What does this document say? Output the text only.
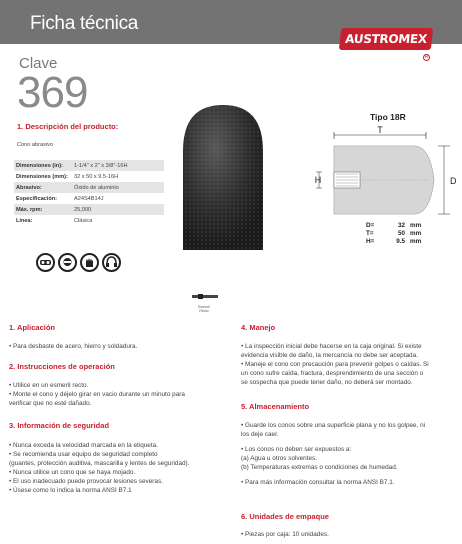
Ficha técnica
AUSTROMEX
R
Clave
369
1. Descripción del producto:
Cono abrasivo
Dimensiones (in):	1-1/4" x 2" x 3/8"-16H
Dimensiones (mm):	32 x 50 x 9.5-16H
Abrasivo:	Óxido de aluminio
Especificación:	A24S4B14J
Máx. rpm:	25,000
Línea:	Clásica
Tipo 18R
T
H	D
D=	32 mm
T=	50 mm
H=	9.5 mm
Esmeril
Recto
1. Aplicación
• Para desbaste de acero, hierro y soldadura.
2. Instrucciones de operación
• Utilice en un esmeril recto.
• Monte el cono y déjelo girar en vacio durante un minuto para
verificar que no esté dañado.
3. Información de seguridad
• Nunca exceda la velocidad marcada en la etiqueta.
• Se recomienda usar equipo de seguridad completo
(guantes, protección auditiva, mascarilla y lentes de seguridad).
• Nunca utilice un cono que se haya mojado.
• El uso inadecuado puede provocar lesiones severas.
• Úsese como lo indica la norma ANSI B7.1
4. Manejo
• La inspección inicial debe hacerse en la caja original. Si existe
evidencia visible de daño, la mercancía no debe ser aceptada.
• Maneje el cono con precaución para prevenir golpes o caídas. Si
un cono sufre caída, fractura, desprendimiento de una sección o
se sospecha que puede tener daño, no deberá ser montado.
5. Almacenamiento
• Guarde los conos sobre una superficie plana y no los golpee, ni
los deje caer.
• Los conos no deben ser expuestos a:
(a) Agua u otros solventes.
(b) Temperaturas extremas o condiciones de humedad.
• Para más información consultar la norma ANSI B7.1.
6. Unidades de empaque
• Piezas por caja: 10 unidades.
